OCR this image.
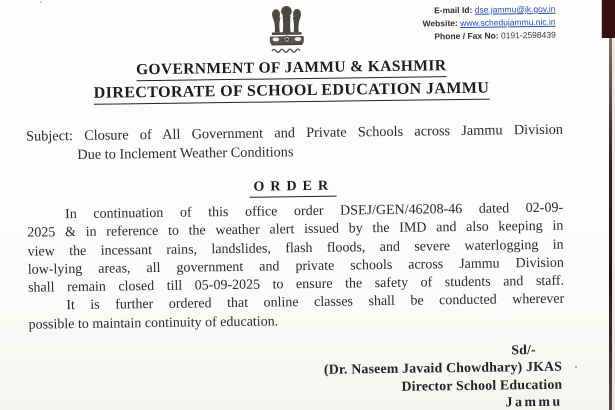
E-mail Id: dse.jammu@jk.gov.in
Website: www.schedujammu.nic.in
Phone / Fax No: 0191-2598439
GOVERNMENT OF JAMMU & KASHMIR
DIRECTORATE OF SCHOOL EDUCATION JAMMU
Subject: Closure of All Government and Private Schools across Jammu Division
Due to Inclement Weather Conditions
ORDER
In continuation of this office order DSEJ/GEN/46208-46 dated 02-09-
2025 & in reference to the weather alert issued by the IMD and also keeping in
view the incessant rains, landslides, flash floods, and severe waterlogging in
low-lying areas, all government and private schools across Jammu Division
shall remain closed till 05-09-2025 to ensure the safety of students and staff.
It is further ordered that online classes shall be conducted wherever
possible to maintain continuity of education.
Sd/-
(Dr. Naseem Javaid Chowdhary) JKAS
Director School Education
Jammu
